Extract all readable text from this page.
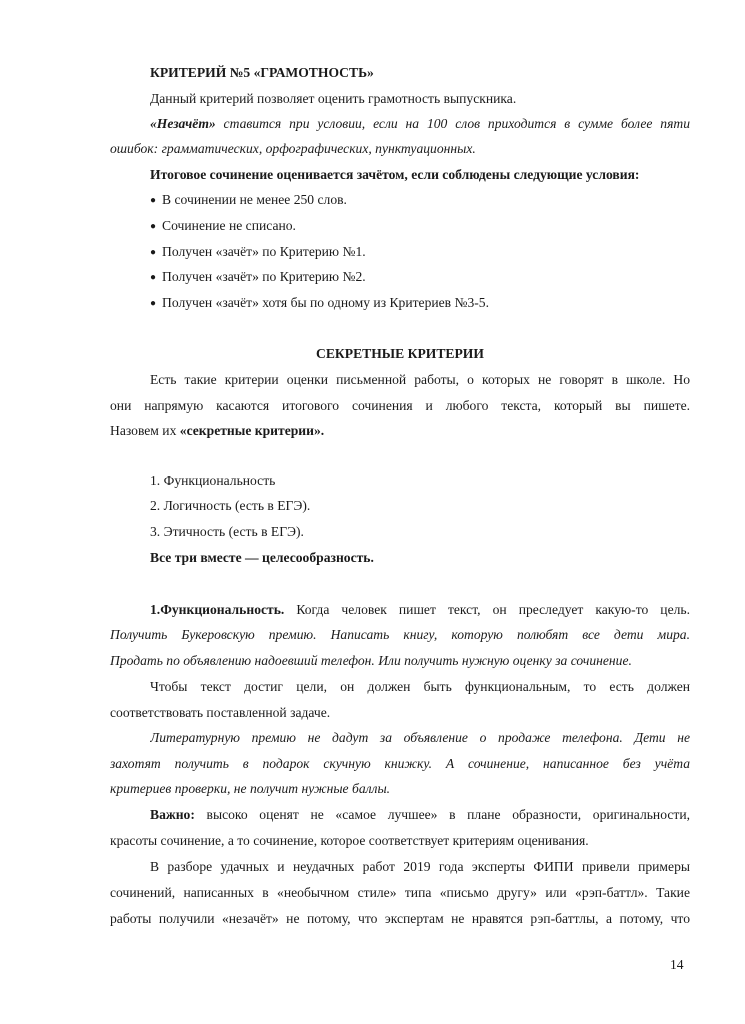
КРИТЕРИЙ №5 «ГРАМОТНОСТЬ»
Данный критерий позволяет оценить грамотность выпускника.
«Незачёт» ставится при условии, если на 100 слов приходится в сумме более пяти
ошибок: грамматических, орфографических, пунктуационных.
Итоговое сочинение оценивается зачётом, если соблюдены следующие условия:
● В сочинении не менее 250 слов.
● Сочинение не списано.
● Получен «зачёт» по Критерию №1.
● Получен «зачёт» по Критерию №2.
● Получен «зачёт» хотя бы по одному из Критериев №3-5.
СЕКРЕТНЫЕ КРИТЕРИИ
Есть такие критерии оценки письменной работы, о которых не говорят в школе. Но
они напрямую касаются итогового сочинения и любого текста, который вы пишете.
Назовем их «секретные критерии».
1. Функциональность
2. Логичность (есть в ЕГЭ).
3. Этичность (есть в ЕГЭ).
Все три вместе — целесообразность.
1.Функциональность. Когда человек пишет текст, он преследует какую-то цель.
Получить Букеровскую премию. Написать книгу, которую полюбят все дети мира.
Продать по объявлению надоевший телефон. Или получить нужную оценку за сочинение.
Чтобы текст достиг цели, он должен быть функциональным, то есть должен
соответствовать поставленной задаче.
Литературную премию не дадут за объявление о продаже телефона. Дети не
захотят получить в подарок скучную книжку. А сочинение, написанное без учёта
критериев проверки, не получит нужные баллы.
Важно: высоко оценят не «самое лучшее» в плане образности, оригинальности,
красоты сочинение, а то сочинение, которое соответствует критериям оценивания.
В разборе удачных и неудачных работ 2019 года эксперты ФИПИ привели примеры
сочинений, написанных в «необычном стиле» типа «письмо другу» или «рэп-баттл». Такие
работы получили «незачёт» не потому, что экспертам не нравятся рэп-баттлы, а потому, что
14
